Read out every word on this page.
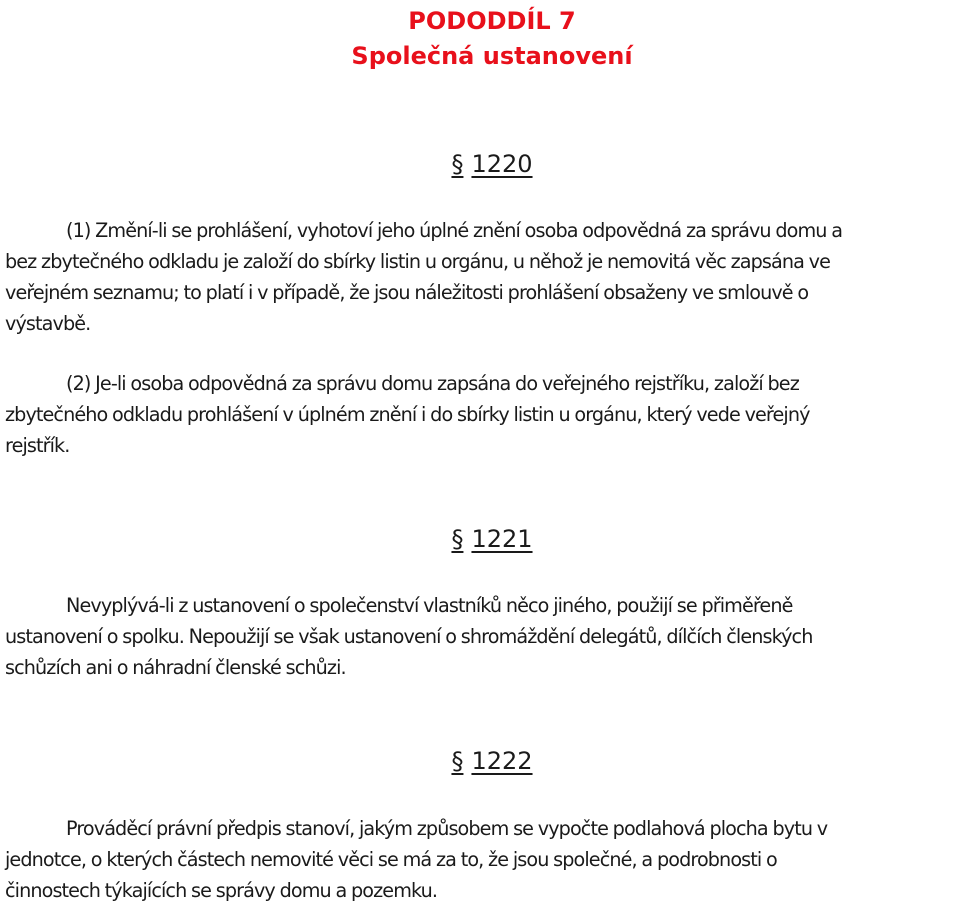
PODODDÍL 7
Společná ustanovení
§ 1220

(1) Změní-li se prohlášení, vyhotoví jeho úplné znění osoba odpovědná za správu domu a
bez zbytečného odkladu je založí do sbírky listin u orgánu, u něhož je nemovitá věc zapsána ve
veřejném seznamu; to platí i v případě, že jsou náležitosti prohlášení obsaženy ve smlouvě o
výstavbě.

(2) Je-li osoba odpovědná za správu domu zapsána do veřejného rejstříku, založí bez
zbytečného odkladu prohlášení v úplném znění i do sbírky listin u orgánu, který vede veřejný
rejstřík.

§ 1221

Nevyplývá-li z ustanovení o společenství vlastníků něco jiného, použijí se přiměřeně
ustanovení o spolku. Nepoužijí se však ustanovení o shromáždění delegátů, dílčích členských
schůzích ani o náhradní členské schůzi.

§ 1222

Prováděcí právní předpis stanoví, jakým způsobem se vypočte podlahová plocha bytu v
jednotce, o kterých částech nemovité věci se má za to, že jsou společné, a podrobnosti o
činnostech týkajících se správy domu a pozemku.
